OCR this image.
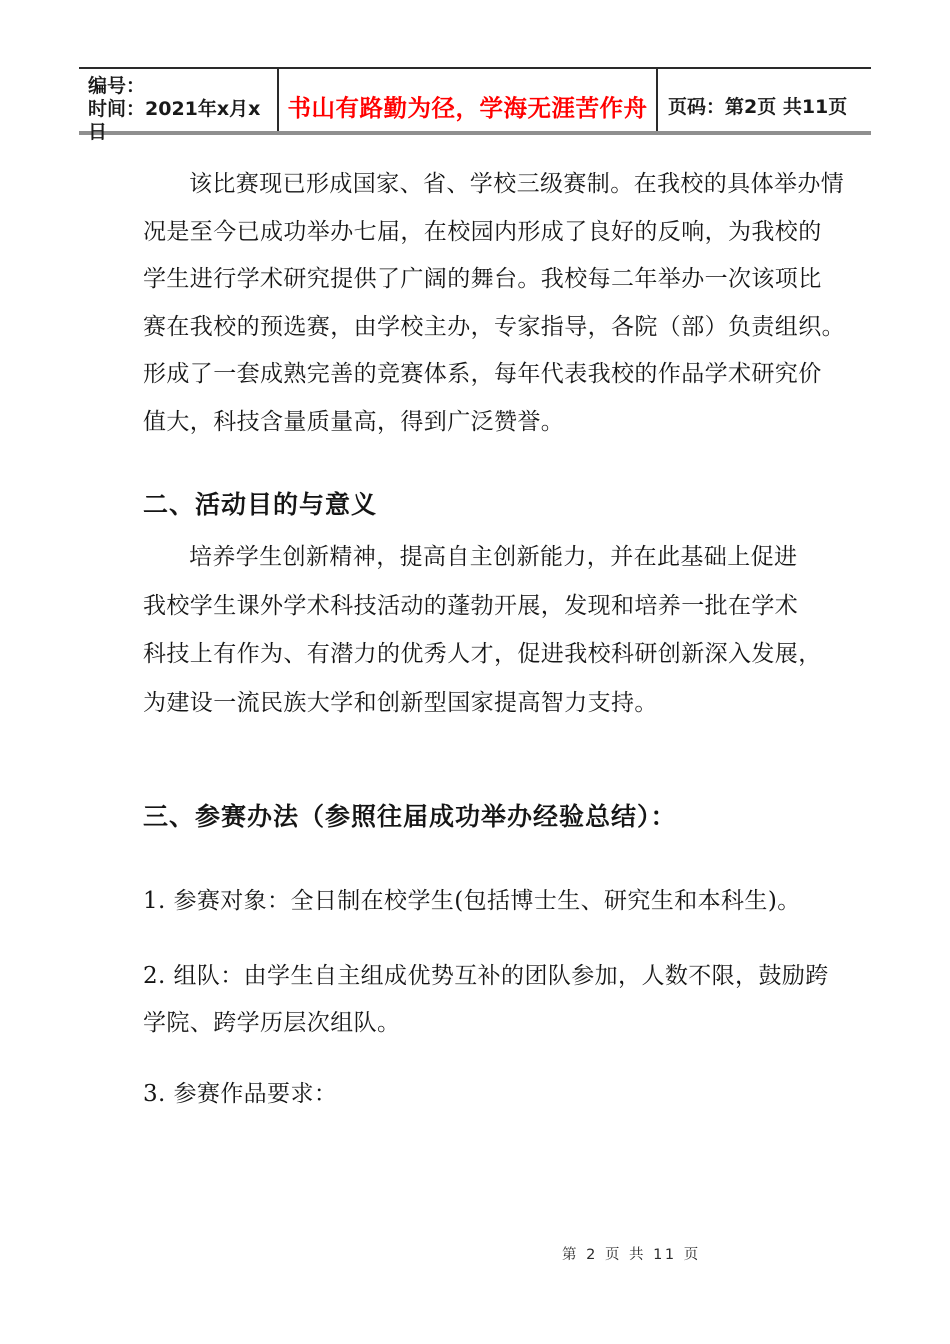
编号：
时间：2021年x月x日
书山有路勤为径，学海无涯苦作舟 页码：第2页 共11页
该比赛现已形成国家、省、学校三级赛制。在我校的具体举办情
况是至今已成功举办七届，在校园内形成了良好的反响，为我校的
学生进行学术研究提供了广阔的舞台。我校每二年举办一次该项比
赛在我校的预选赛，由学校主办，专家指导，各院（部）负责组织。
形成了一套成熟完善的竞赛体系，每年代表我校的作品学术研究价
值大，科技含量质量高，得到广泛赞誉。
二、活动目的与意义
培养学生创新精神，提高自主创新能力，并在此基础上促进
我校学生课外学术科技活动的蓬勃开展，发现和培养一批在学术
科技上有作为、有潜力的优秀人才，促进我校科研创新深入发展，
为建设一流民族大学和创新型国家提高智力支持。
三、参赛办法（参照往届成功举办经验总结）：
1. 参赛对象：全日制在校学生(包括博士生、研究生和本科生)。
2. 组队：由学生自主组成优势互补的团队参加，人数不限，鼓励跨
学院、跨学历层次组队。
3. 参赛作品要求：
第 2 页 共 11 页
